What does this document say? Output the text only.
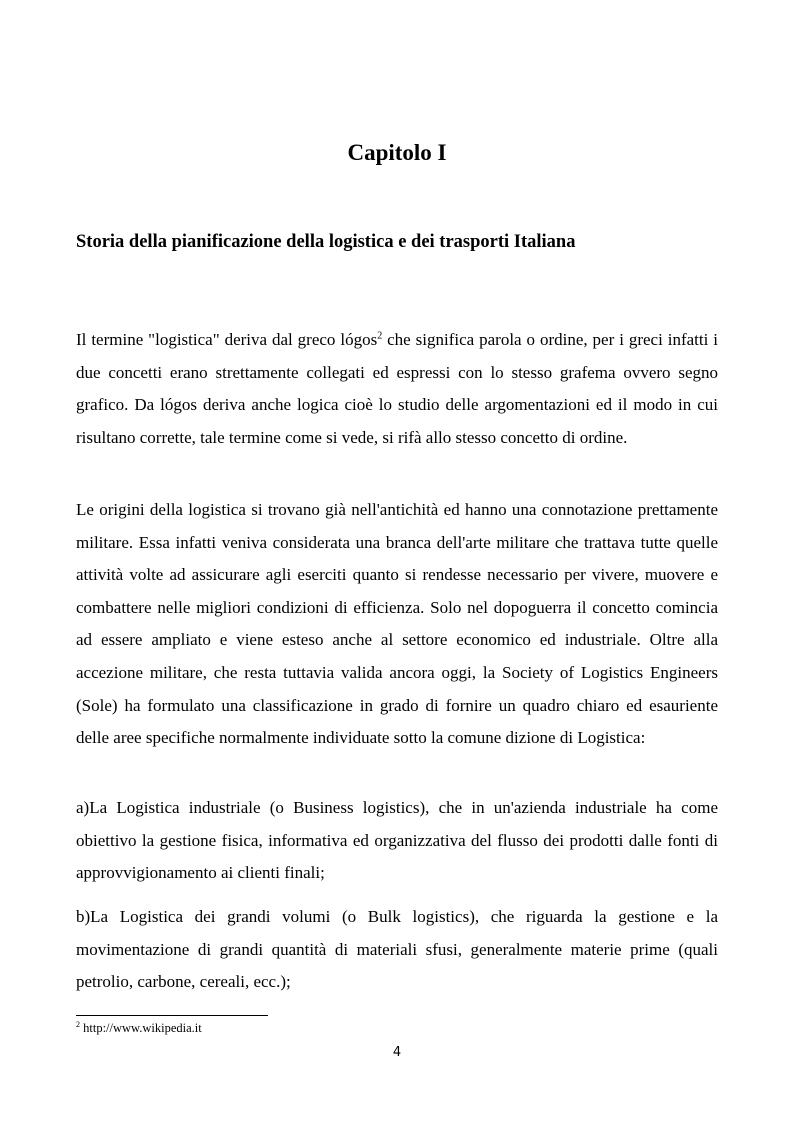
Capitolo I
Storia della pianificazione della logistica e dei trasporti Italiana

Il termine "logistica" deriva dal greco lógos$^2$ che significa parola o ordine, per i greci infatti i due concetti erano strettamente collegati ed espressi con lo stesso grafema ovvero segno grafico. Da lógos deriva anche logica cioè lo studio delle argomentazioni ed il modo in cui risultano corrette, tale termine come si vede, si rifà allo stesso concetto di ordine.

Le origini della logistica si trovano già nell'antichità ed hanno una connotazione prettamente militare. Essa infatti veniva considerata una branca dell'arte militare che trattava tutte quelle attività volte ad assicurare agli eserciti quanto si rendesse necessario per vivere, muovere e combattere nelle migliori condizioni di efficienza. Solo nel dopoguerra il concetto comincia ad essere ampliato e viene esteso anche al settore economico ed industriale. Oltre alla accezione militare, che resta tuttavia valida ancora oggi, la Society of Logistics Engineers (Sole) ha formulato una classificazione in grado di fornire un quadro chiaro ed esauriente delle aree specifiche normalmente individuate sotto la comune dizione di Logistica:

a)La Logistica industriale (o Business logistics), che in un'azienda industriale ha come obiettivo la gestione fisica, informativa ed organizzativa del flusso dei prodotti dalle fonti di approvvigionamento ai clienti finali;

b)La Logistica dei grandi volumi (o Bulk logistics), che riguarda la gestione e la movimentazione di grandi quantità di materiali sfusi, generalmente materie prime (quali petrolio, carbone, cereali, ecc.);

$^2$ http://www.wikipedia.it

4
